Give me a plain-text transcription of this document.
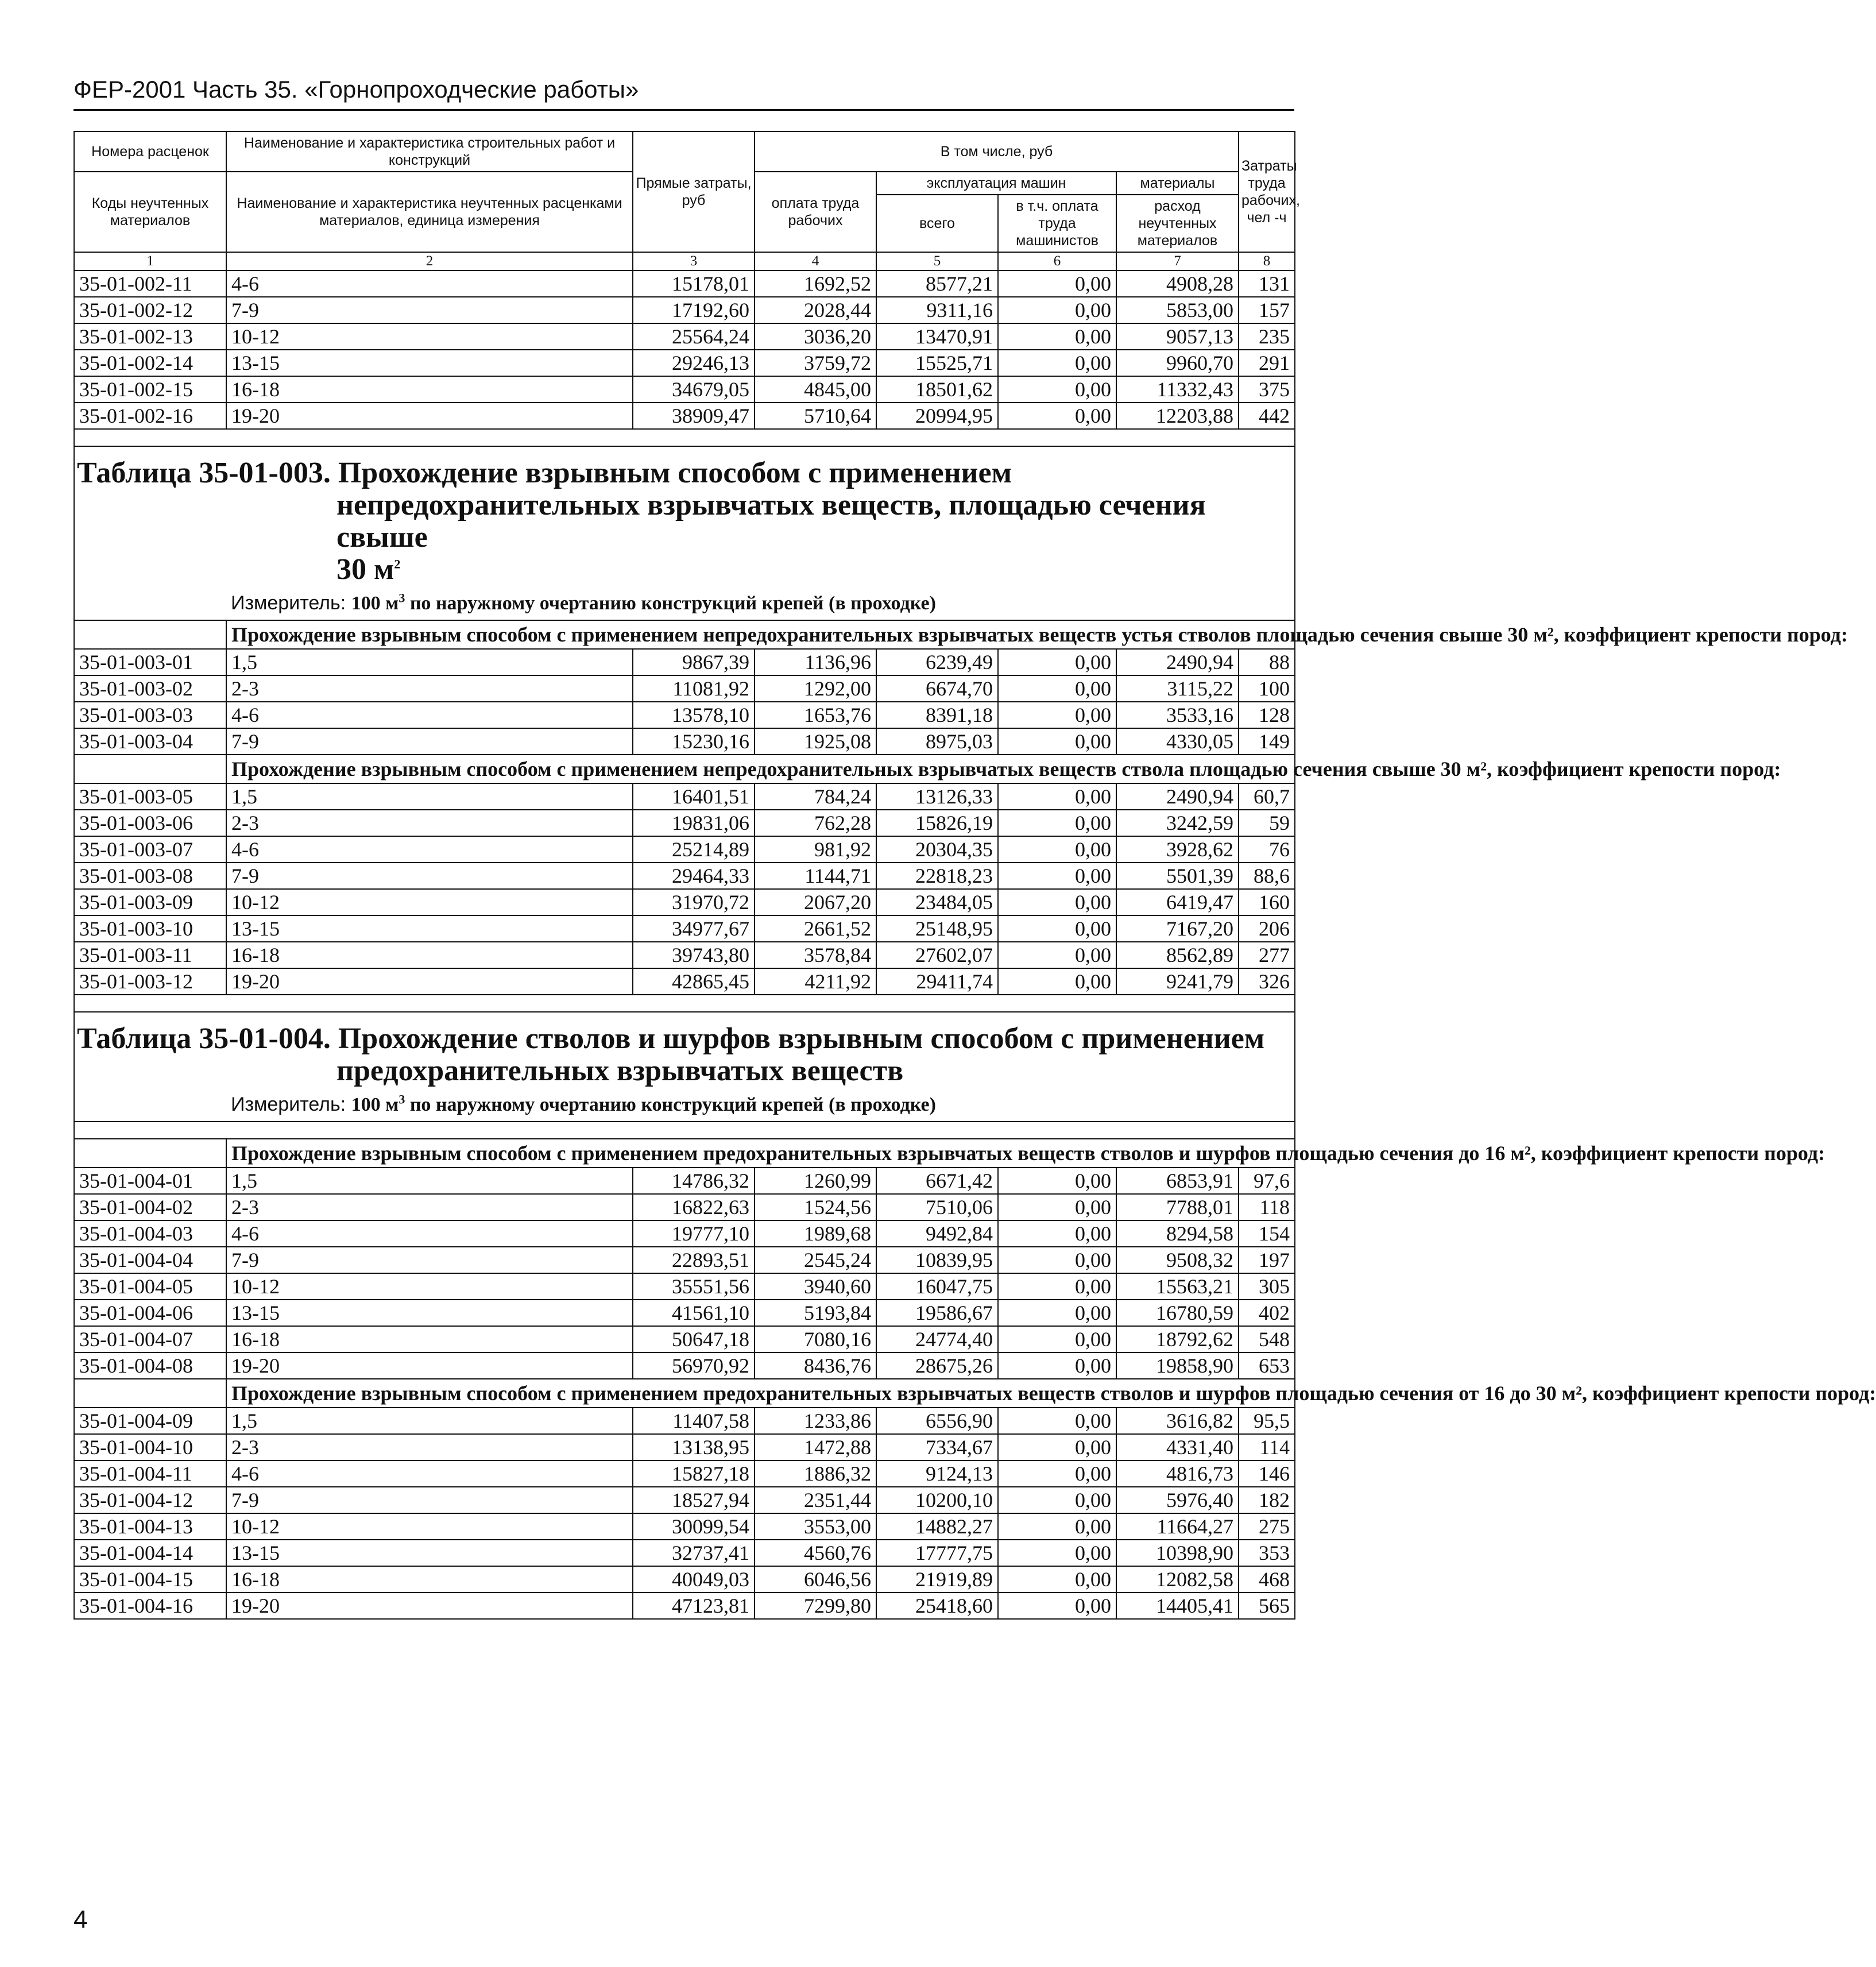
ФЕР-2001 Часть 35. «Горнопроходческие работы»
Номера расценок	Наименование и характеристика строительных работ и конструкций	Прямые затраты, руб	В том числе, руб				Затраты труда рабочих, чел -ч
Коды неучтенных материалов	Наименование и характеристика неучтенных расценками материалов, единица измерения		оплата труда рабочих	эксплуатация машин		материалы	
				всего	в т.ч. оплата труда машинистов	расход неучтенных материалов	
1	2	3	4	5	6	7	8
35-01-002-11	4-6	15178,01	1692,52	8577,21	0,00	4908,28	131
35-01-002-12	7-9	17192,60	2028,44	9311,16	0,00	5853,00	157
35-01-002-13	10-12	25564,24	3036,20	13470,91	0,00	9057,13	235
35-01-002-14	13-15	29246,13	3759,72	15525,71	0,00	9960,70	291
35-01-002-15	16-18	34679,05	4845,00	18501,62	0,00	11332,43	375
35-01-002-16	19-20	38909,47	5710,64	20994,95	0,00	12203,88	442

Таблица 35-01-003. Прохождение взрывным способом с применением
непредохранительных взрывчатых веществ, площадью сечения свыше
30 $м^2$
Измеритель: 100 $м^3$ по наружному очертанию конструкций крепей (в проходке)							

	Прохождение взрывным способом с применением непредохранительных взрывчатых веществ устья стволов площадью сечения свыше 30 м², коэффициент крепости пород:						
35-01-003-01	1,5	9867,39	1136,96	6239,49	0,00	2490,94	88
35-01-003-02	2-3	11081,92	1292,00	6674,70	0,00	3115,22	100
35-01-003-03	4-6	13578,10	1653,76	8391,18	0,00	3533,16	128
35-01-003-04	7-9	15230,16	1925,08	8975,03	0,00	4330,05	149
	Прохождение взрывным способом с применением непредохранительных взрывчатых веществ ствола площадью сечения свыше 30 м², коэффициент крепости пород:						
35-01-003-05	1,5	16401,51	784,24	13126,33	0,00	2490,94	60,7
35-01-003-06	2-3	19831,06	762,28	15826,19	0,00	3242,59	59
35-01-003-07	4-6	25214,89	981,92	20304,35	0,00	3928,62	76
35-01-003-08	7-9	29464,33	1144,71	22818,23	0,00	5501,39	88,6
35-01-003-09	10-12	31970,72	2067,20	23484,05	0,00	6419,47	160
35-01-003-10	13-15	34977,67	2661,52	25148,95	0,00	7167,20	206
35-01-003-11	16-18	39743,80	3578,84	27602,07	0,00	8562,89	277
35-01-003-12	19-20	42865,45	4211,92	29411,74	0,00	9241,79	326

Таблица 35-01-004. Прохождение стволов и шурфов взрывным способом с применением
предохранительных взрывчатых веществ
Измеритель: 100 $м^3$ по наружному очертанию конструкций крепей (в проходке)							

	Прохождение взрывным способом с применением предохранительных взрывчатых веществ стволов и шурфов площадью сечения до 16 м², коэффициент крепости пород:						
35-01-004-01	1,5	14786,32	1260,99	6671,42	0,00	6853,91	97,6
35-01-004-02	2-3	16822,63	1524,56	7510,06	0,00	7788,01	118
35-01-004-03	4-6	19777,10	1989,68	9492,84	0,00	8294,58	154
35-01-004-04	7-9	22893,51	2545,24	10839,95	0,00	9508,32	197
35-01-004-05	10-12	35551,56	3940,60	16047,75	0,00	15563,21	305
35-01-004-06	13-15	41561,10	5193,84	19586,67	0,00	16780,59	402
35-01-004-07	16-18	50647,18	7080,16	24774,40	0,00	18792,62	548
35-01-004-08	19-20	56970,92	8436,76	28675,26	0,00	19858,90	653
	Прохождение взрывным способом с применением предохранительных взрывчатых веществ стволов и шурфов площадью сечения от 16 до 30 м², коэффициент крепости пород:						
35-01-004-09	1,5	11407,58	1233,86	6556,90	0,00	3616,82	95,5
35-01-004-10	2-3	13138,95	1472,88	7334,67	0,00	4331,40	114
35-01-004-11	4-6	15827,18	1886,32	9124,13	0,00	4816,73	146
35-01-004-12	7-9	18527,94	2351,44	10200,10	0,00	5976,40	182
35-01-004-13	10-12	30099,54	3553,00	14882,27	0,00	11664,27	275
35-01-004-14	13-15	32737,41	4560,76	17777,75	0,00	10398,90	353
35-01-004-15	16-18	40049,03	6046,56	21919,89	0,00	12082,58	468
35-01-004-16	19-20	47123,81	7299,80	25418,60	0,00	14405,41	565
4
